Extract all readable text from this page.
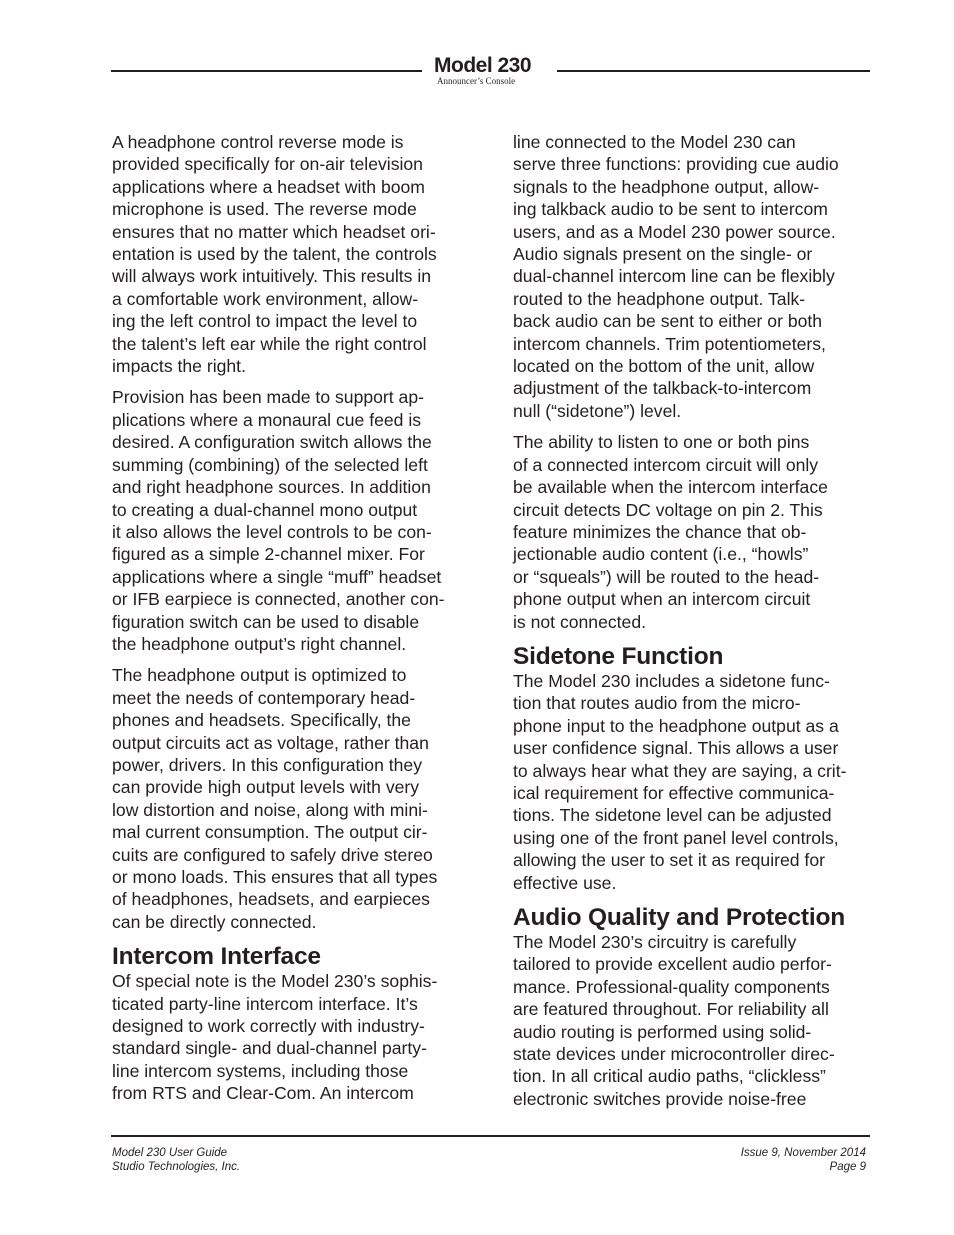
Model 230
Announcer’s Console

A headphone control reverse mode is
provided specifically for on-air television
applications where a headset with boom
microphone is used. The reverse mode
ensures that no matter which headset ori-
entation is used by the talent, the controls
will always work intuitively. This results in
a comfortable work environment, allow-
ing the left control to impact the level to
the talent’s left ear while the right control
impacts the right.

Provision has been made to support ap-
plications where a monaural cue feed is
desired. A configuration switch allows the
summing (combining) of the selected left
and right headphone sources. In addition
to creating a dual-channel mono output
it also allows the level controls to be con-
figured as a simple 2-channel mixer. For
applications where a single “muff” headset
or IFB earpiece is connected, another con-
figuration switch can be used to disable
the headphone output’s right channel.

The headphone output is optimized to
meet the needs of contemporary head-
phones and headsets. Specifically, the
output circuits act as voltage, rather than
power, drivers. In this configuration they
can provide high output levels with very
low distortion and noise, along with mini-
mal current consumption. The output cir-
cuits are configured to safely drive stereo
or mono loads. This ensures that all types
of headphones, headsets, and earpieces
can be directly connected.

Intercom Interface

Of special note is the Model 230’s sophis-
ticated party-line intercom interface. It’s
designed to work correctly with industry-
standard single- and dual-channel party-
line intercom systems, including those
from RTS and Clear-Com. An intercom

line connected to the Model 230 can
serve three functions: providing cue audio
signals to the headphone output, allow-
ing talkback audio to be sent to intercom
users, and as a Model 230 power source.
Audio signals present on the single- or
dual-channel intercom line can be flexibly
routed to the headphone output. Talk-
back audio can be sent to either or both
intercom channels. Trim potentiometers,
located on the bottom of the unit, allow
adjustment of the talkback-to-intercom
null (“sidetone”) level.

The ability to listen to one or both pins
of a connected intercom circuit will only
be available when the intercom interface
circuit detects DC voltage on pin 2. This
feature minimizes the chance that ob-
jectionable audio content (i.e., “howls”
or “squeals”) will be routed to the head-
phone output when an intercom circuit
is not connected.

Sidetone Function

The Model 230 includes a sidetone func-
tion that routes audio from the micro-
phone input to the headphone output as a
user confidence signal. This allows a user
to always hear what they are saying, a crit-
ical requirement for effective communica-
tions. The sidetone level can be adjusted
using one of the front panel level controls,
allowing the user to set it as required for
effective use.

Audio Quality and Protection

The Model 230’s circuitry is carefully
tailored to provide excellent audio perfor-
mance. Professional-quality components
are featured throughout. For reliability all
audio routing is performed using solid-
state devices under microcontroller direc-
tion. In all critical audio paths, “clickless”
electronic switches provide noise-free

Model 230 User Guide
Studio Technologies, Inc.
Issue 9, November 2014
Page 9
